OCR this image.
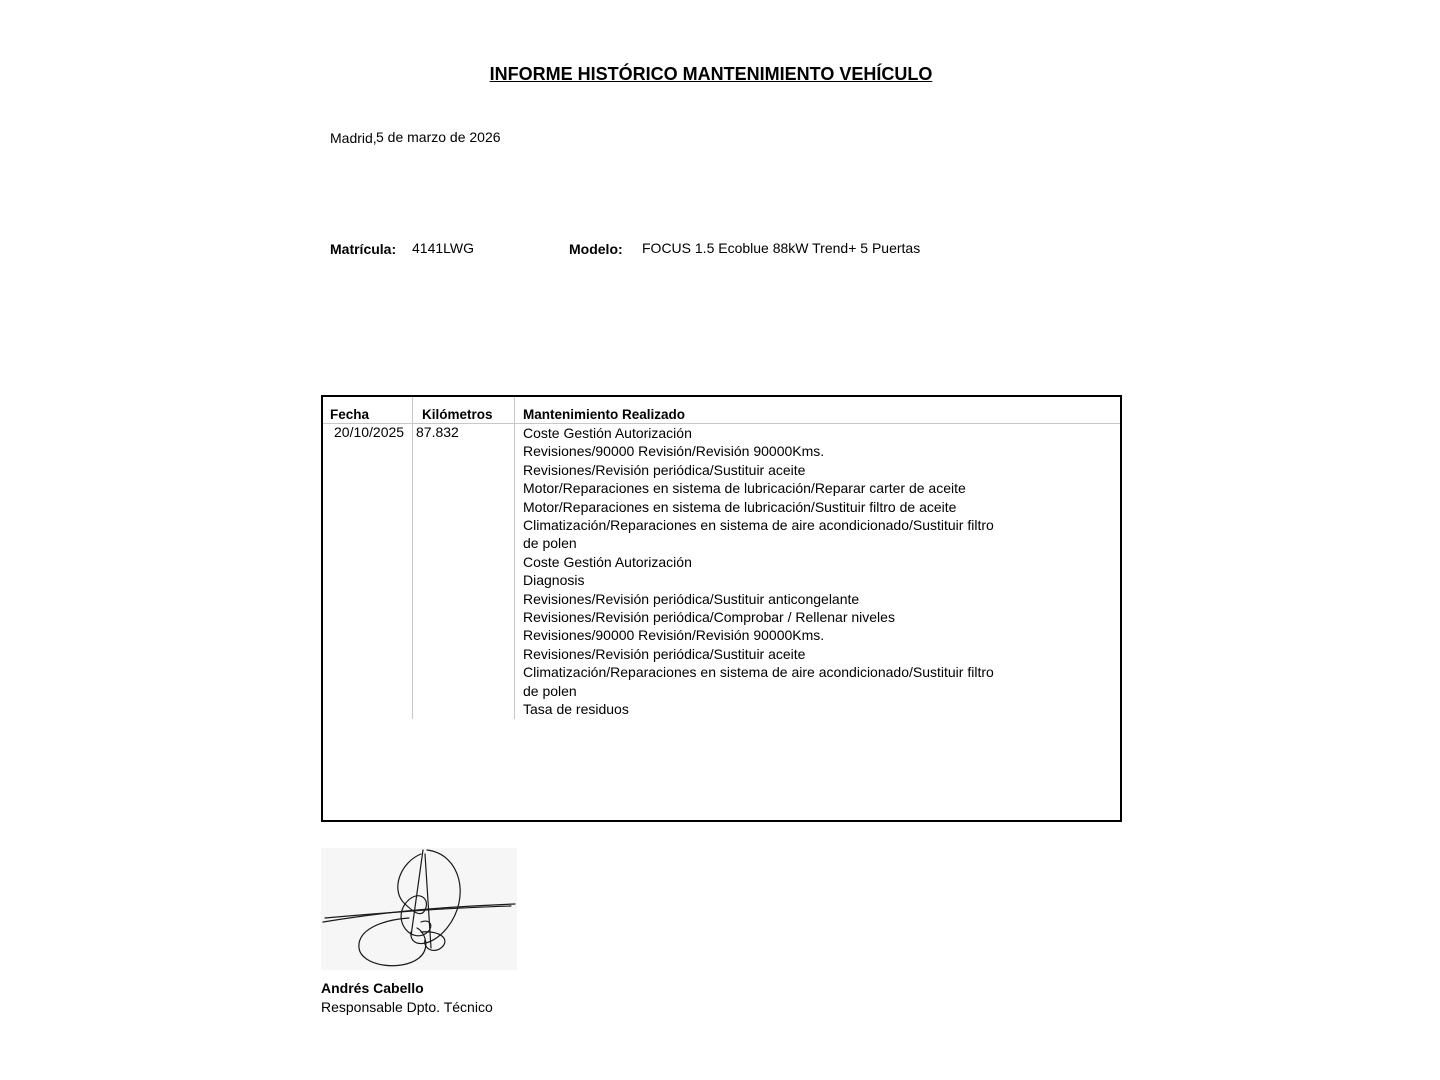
INFORME HISTÓRICO MANTENIMIENTO VEHÍCULO
Madrid, 5 de marzo de 2026
Matrícula: 4141LWG	Modelo: FOCUS 1.5 Ecoblue 88kW Trend+ 5 Puertas
Fecha	Kilómetros Mantenimiento Realizado
20/10/2025 87.832	Coste Gestión Autorización
Revisiones/90000 Revisión/Revisión 90000Kms.
Revisiones/Revisión periódica/Sustituir aceite
Motor/Reparaciones en sistema de lubricación/Reparar carter de aceite
Motor/Reparaciones en sistema de lubricación/Sustituir filtro de aceite
Climatización/Reparaciones en sistema de aire acondicionado/Sustituir filtro de polen
Coste Gestión Autorización
Diagnosis
Revisiones/Revisión periódica/Sustituir anticongelante
Revisiones/Revisión periódica/Comprobar / Rellenar niveles
Revisiones/90000 Revisión/Revisión 90000Kms.
Revisiones/Revisión periódica/Sustituir aceite
Climatización/Reparaciones en sistema de aire acondicionado/Sustituir filtro de polen
Tasa de residuos
Andrés Cabello
Responsable Dpto. Técnico
